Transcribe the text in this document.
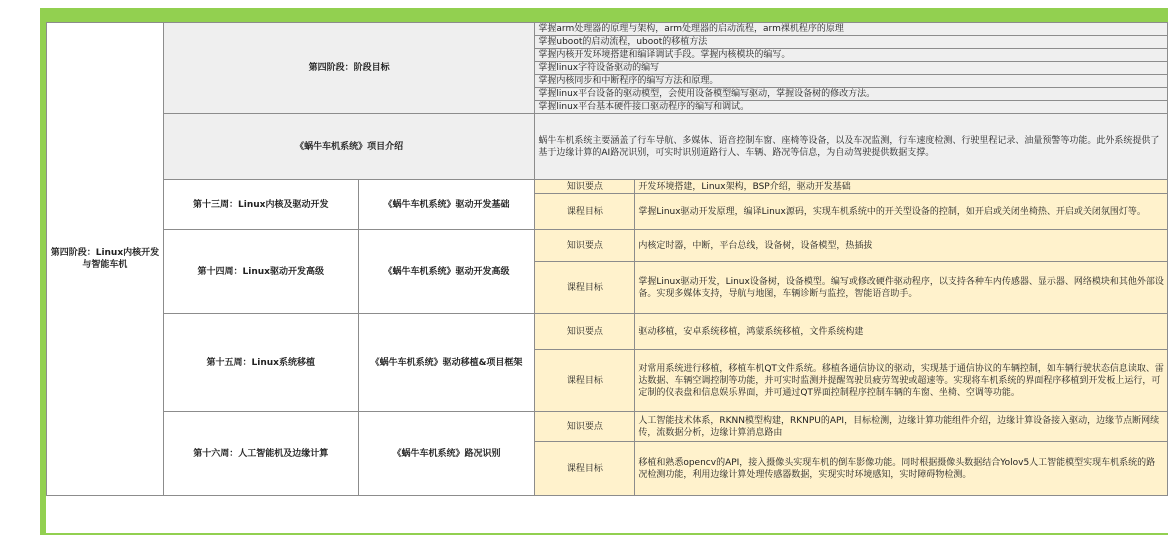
第四阶段：Linux内核开发与智能车机	第四阶段：阶段目标		掌握arm处理器的原理与架构，arm处理器的启动流程，arm裸机程序的原理	
			掌握uboot的启动流程，uboot的移植方法	
			掌握内核开发环境搭建和编译调试手段。掌握内核模块的编写。	
			掌握linux字符设备驱动的编写	
			掌握内核同步和中断程序的编写方法和原理。	
			掌握linux平台设备的驱动模型，会使用设备模型编写驱动，掌握设备树的修改方法。	
			掌握linux平台基本硬件接口驱动程序的编写和调试。	
	《蜗牛车机系统》项目介绍		蜗牛车机系统主要涵盖了行车导航、多媒体、语音控制车窗、座椅等设备，以及车况监测，行车速度检测、行驶里程记录、油量预警等功能。此外系统提供了基于边缘计算的AI路况识别，可实时识别道路行人、车辆、路况等信息，为自动驾驶提供数据支撑。	
	第十三周：Linux内核及驱动开发	《蜗牛车机系统》驱动开发基础	知识要点	开发环境搭建，Linux架构，BSP介绍，驱动开发基础
			课程目标	掌握Linux驱动开发原理，编译Linux源码，实现车机系统中的开关型设备的控制，如开启或关闭坐椅热、开启或关闭氛围灯等。
	第十四周：Linux驱动开发高级	《蜗牛车机系统》驱动开发高级	知识要点	内核定时器，中断，平台总线，设备树，设备模型，热插拔
			课程目标	掌握Linux驱动开发，Linux设备树，设备模型。编写或修改硬件驱动程序，以支持各种车内传感器、显示器、网络模块和其他外部设备。实现多媒体支持，导航与地图，车辆诊断与监控，智能语音助手。
	第十五周：Linux系统移植	《蜗牛车机系统》驱动移植&项目框架	知识要点	驱动移植，安卓系统移植，鸿蒙系统移植，文件系统构建
			课程目标	对常用系统进行移植，移植车机QT文件系统。移植各通信协议的驱动，实现基于通信协议的车辆控制，如车辆行驶状态信息读取、雷达数据、车辆空调控制等功能，并可实时监测并提醒驾驶员疲劳驾驶或超速等。实现将车机系统的界面程序移植到开发板上运行，可定制的仪表盘和信息娱乐界面，并可通过QT界面控制程序控制车辆的车窗、坐椅、空调等功能。
	第十六周：人工智能机及边缘计算	《蜗牛车机系统》路况识别	知识要点	人工智能技术体系，RKNN模型构建，RKNPU的API，目标检测，边缘计算功能组件介绍，边缘计算设备接入驱动，边缘节点断网续传，流数据分析，边缘计算消息路由
			课程目标	移植和熟悉opencv的API，接入摄像头实现车机的倒车影像功能。同时根据摄像头数据结合Yolov5人工智能模型实现车机系统的路况检测功能，利用边缘计算处理传感器数据，实现实时环境感知，实时障碍物检测。
